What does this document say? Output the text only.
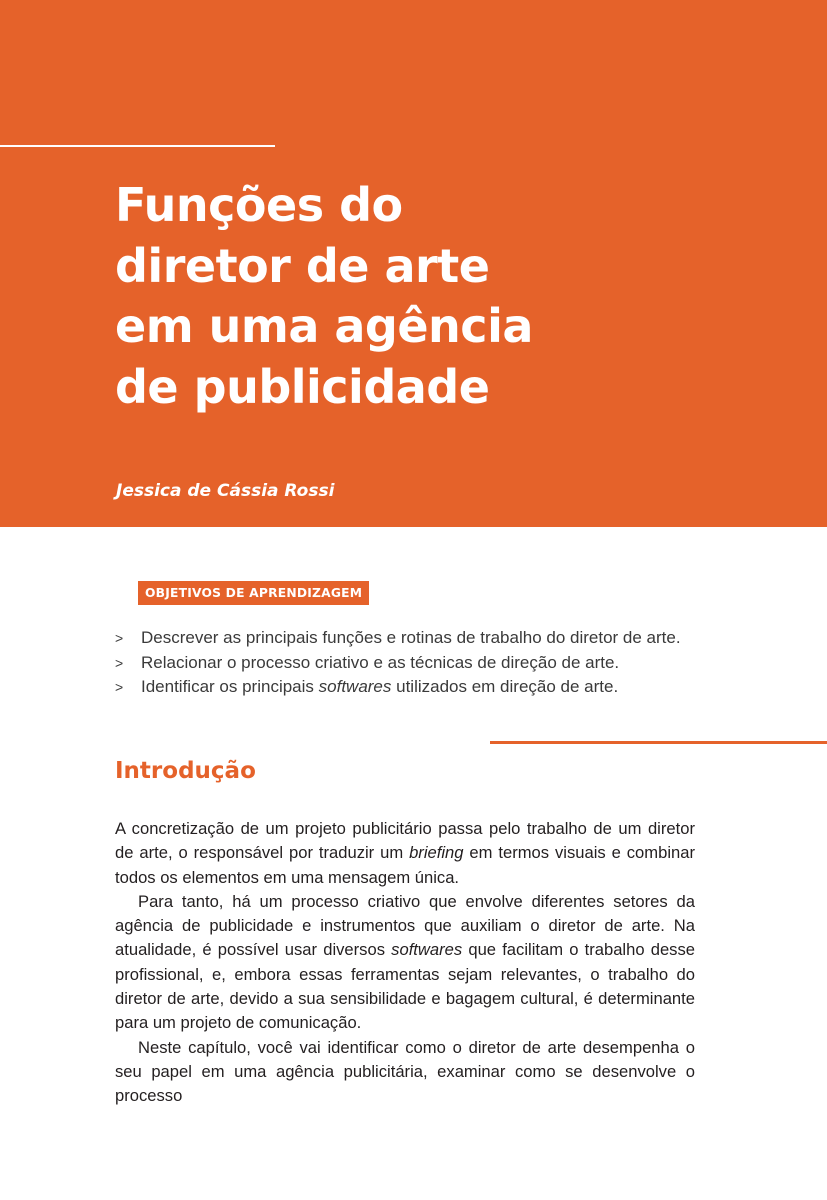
Funções do
diretor de arte
em uma agência
de publicidade

Jessica de Cássia Rossi

OBJETIVOS DE APRENDIZAGEM
> Descrever as principais funções e rotinas de trabalho do diretor de arte.
> Relacionar o processo criativo e as técnicas de direção de arte.
> Identificar os principais softwares utilizados em direção de arte.
Introdução

A concretização de um projeto publicitário passa pelo trabalho de um diretor de arte, o responsável por traduzir um briefing em termos visuais e combinar todos os elementos em uma mensagem única.

Para tanto, há um processo criativo que envolve diferentes setores da agência de publicidade e instrumentos que auxiliam o diretor de arte. Na atualidade, é possível usar diversos softwares que facilitam o trabalho desse profissional, e, embora essas ferramentas sejam relevantes, o trabalho do diretor de arte, devido a sua sensibilidade e bagagem cultural, é determinante para um projeto de comunicação.

Neste capítulo, você vai identificar como o diretor de arte desempenha o seu papel em uma agência publicitária, examinar como se desenvolve o processo
